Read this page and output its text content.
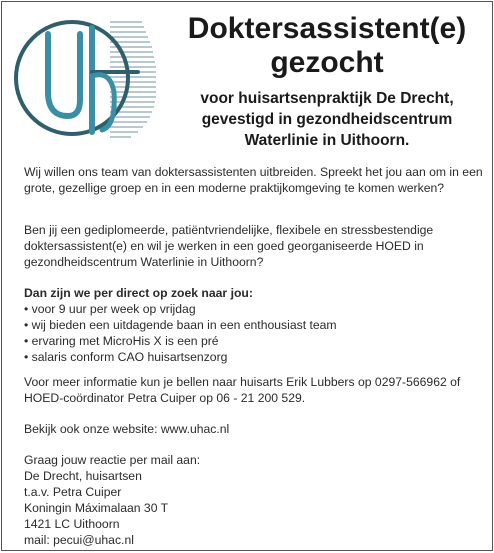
Doktersassistent(e) gezocht

voor huisartsenpraktijk De Drecht, gevestigd in gezondheidscentrum Waterlinie in Uithoorn.

Wij willen ons team van doktersassistenten uitbreiden. Spreekt het jou aan om in een grote, gezellige groep en in een moderne praktijkomgeving te komen werken?

Ben jij een gediplomeerde, patiëntvriendelijke, flexibele en stressbestendige doktersassistent(e) en wil je werken in een goed georganiseerde HOED in gezondheidscentrum Waterlinie in Uithoorn?

Dan zijn we per direct op zoek naar jou:

• voor 9 uur per week op vrijdag
• wij bieden een uitdagende baan in een enthousiast team
• ervaring met MicroHis X is een pré
• salaris conform CAO huisartsenzorg

Voor meer informatie kun je bellen naar huisarts Erik Lubbers op 0297-566962 of HOED-coördinator Petra Cuiper op 06 - 21 200 529.

Bekijk ook onze website: www.uhac.nl

Graag jouw reactie per mail aan:
De Drecht, huisartsen
t.a.v. Petra Cuiper
Koningin Máximalaan 30 T
1421 LC Uithoorn
mail: pecui@uhac.nl
